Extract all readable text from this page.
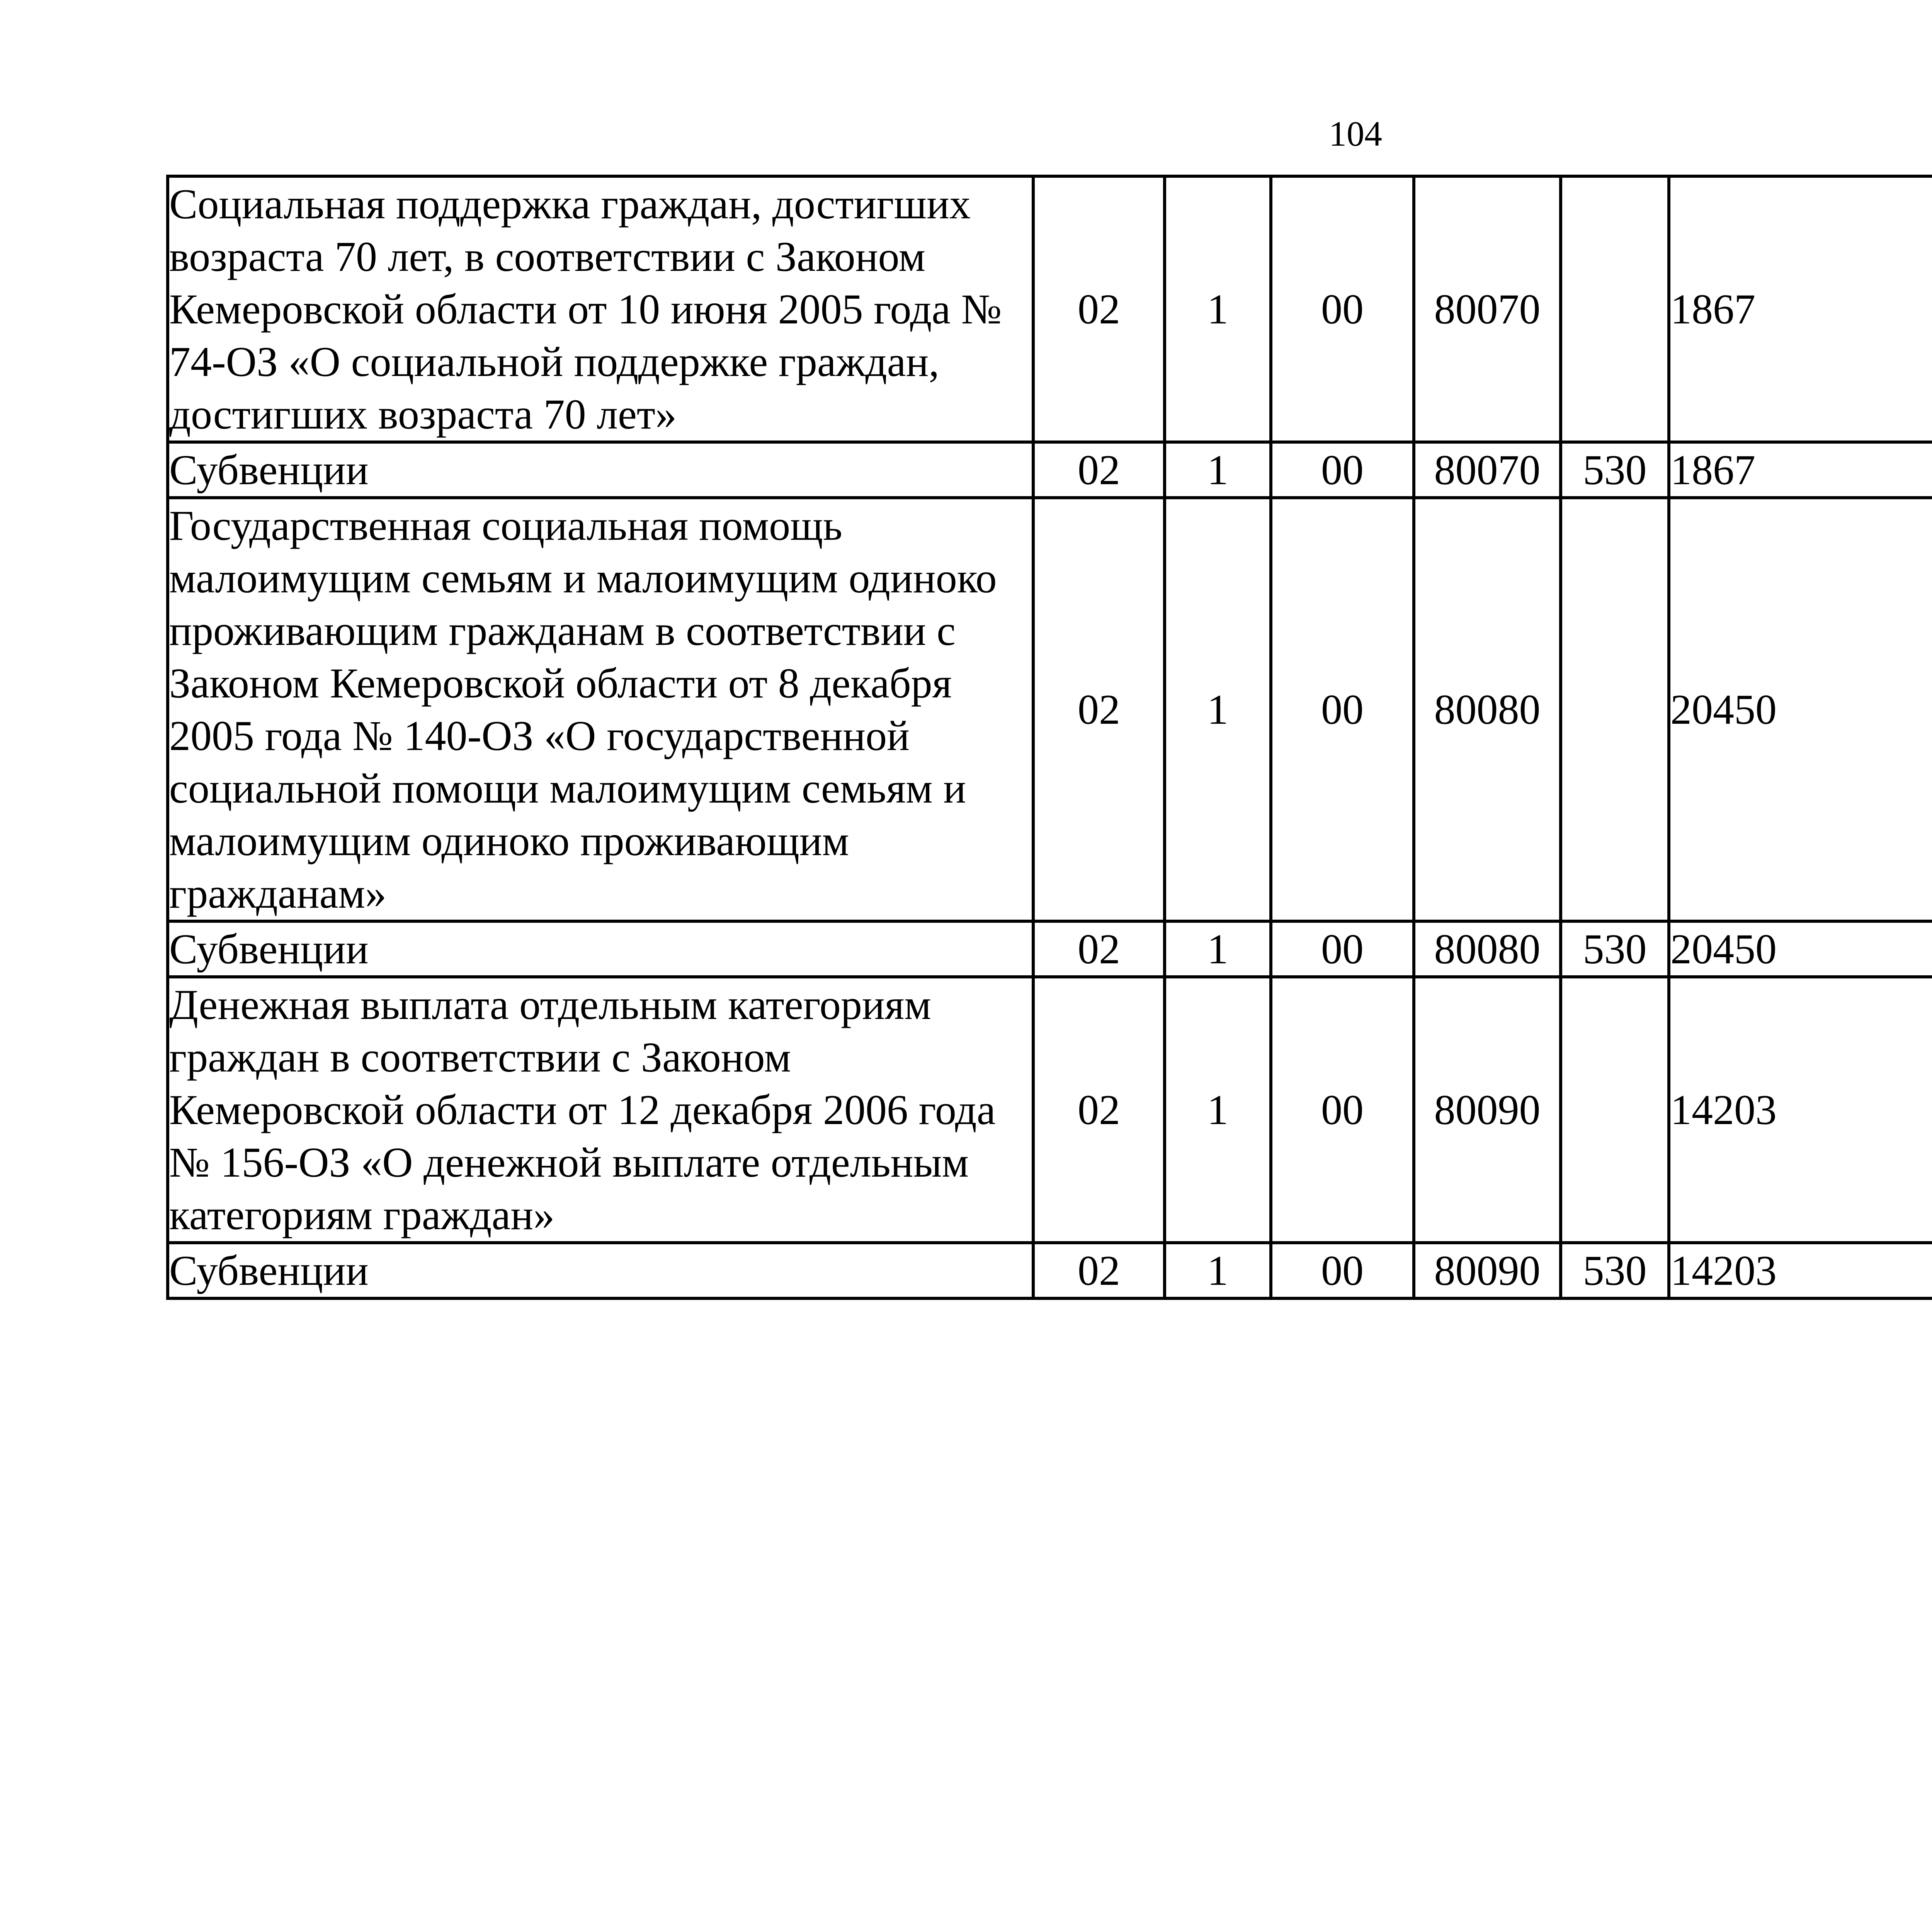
104
Социальная поддержка граждан, достигших возраста 70 лет, в соответствии с Законом Кемеровской области от 10 июня 2005 года № 74-ОЗ «О социальной поддержке граждан, достигших возраста 70 лет»	02	1	00	80070		1867		
Субвенции	02	1	00	80070	530	1867		
Государственная социальная помощь малоимущим семьям и малоимущим одиноко проживающим гражданам в соответствии с Законом Кемеровской области от 8 декабря 2005 года № 140-ОЗ «О государственной социальной помощи малоимущим семьям и малоимущим одиноко проживающим гражданам»	02	1	00	80080		20450		
Субвенции	02	1	00	80080	530	20450		
Денежная выплата отдельным категориям граждан в соответствии с Законом Кемеровской области от 12 декабря 2006 года № 156-ОЗ «О денежной выплате отдельным категориям граждан»	02	1	00	80090		14203		
Субвенции	02	1	00	80090	530	14203		
